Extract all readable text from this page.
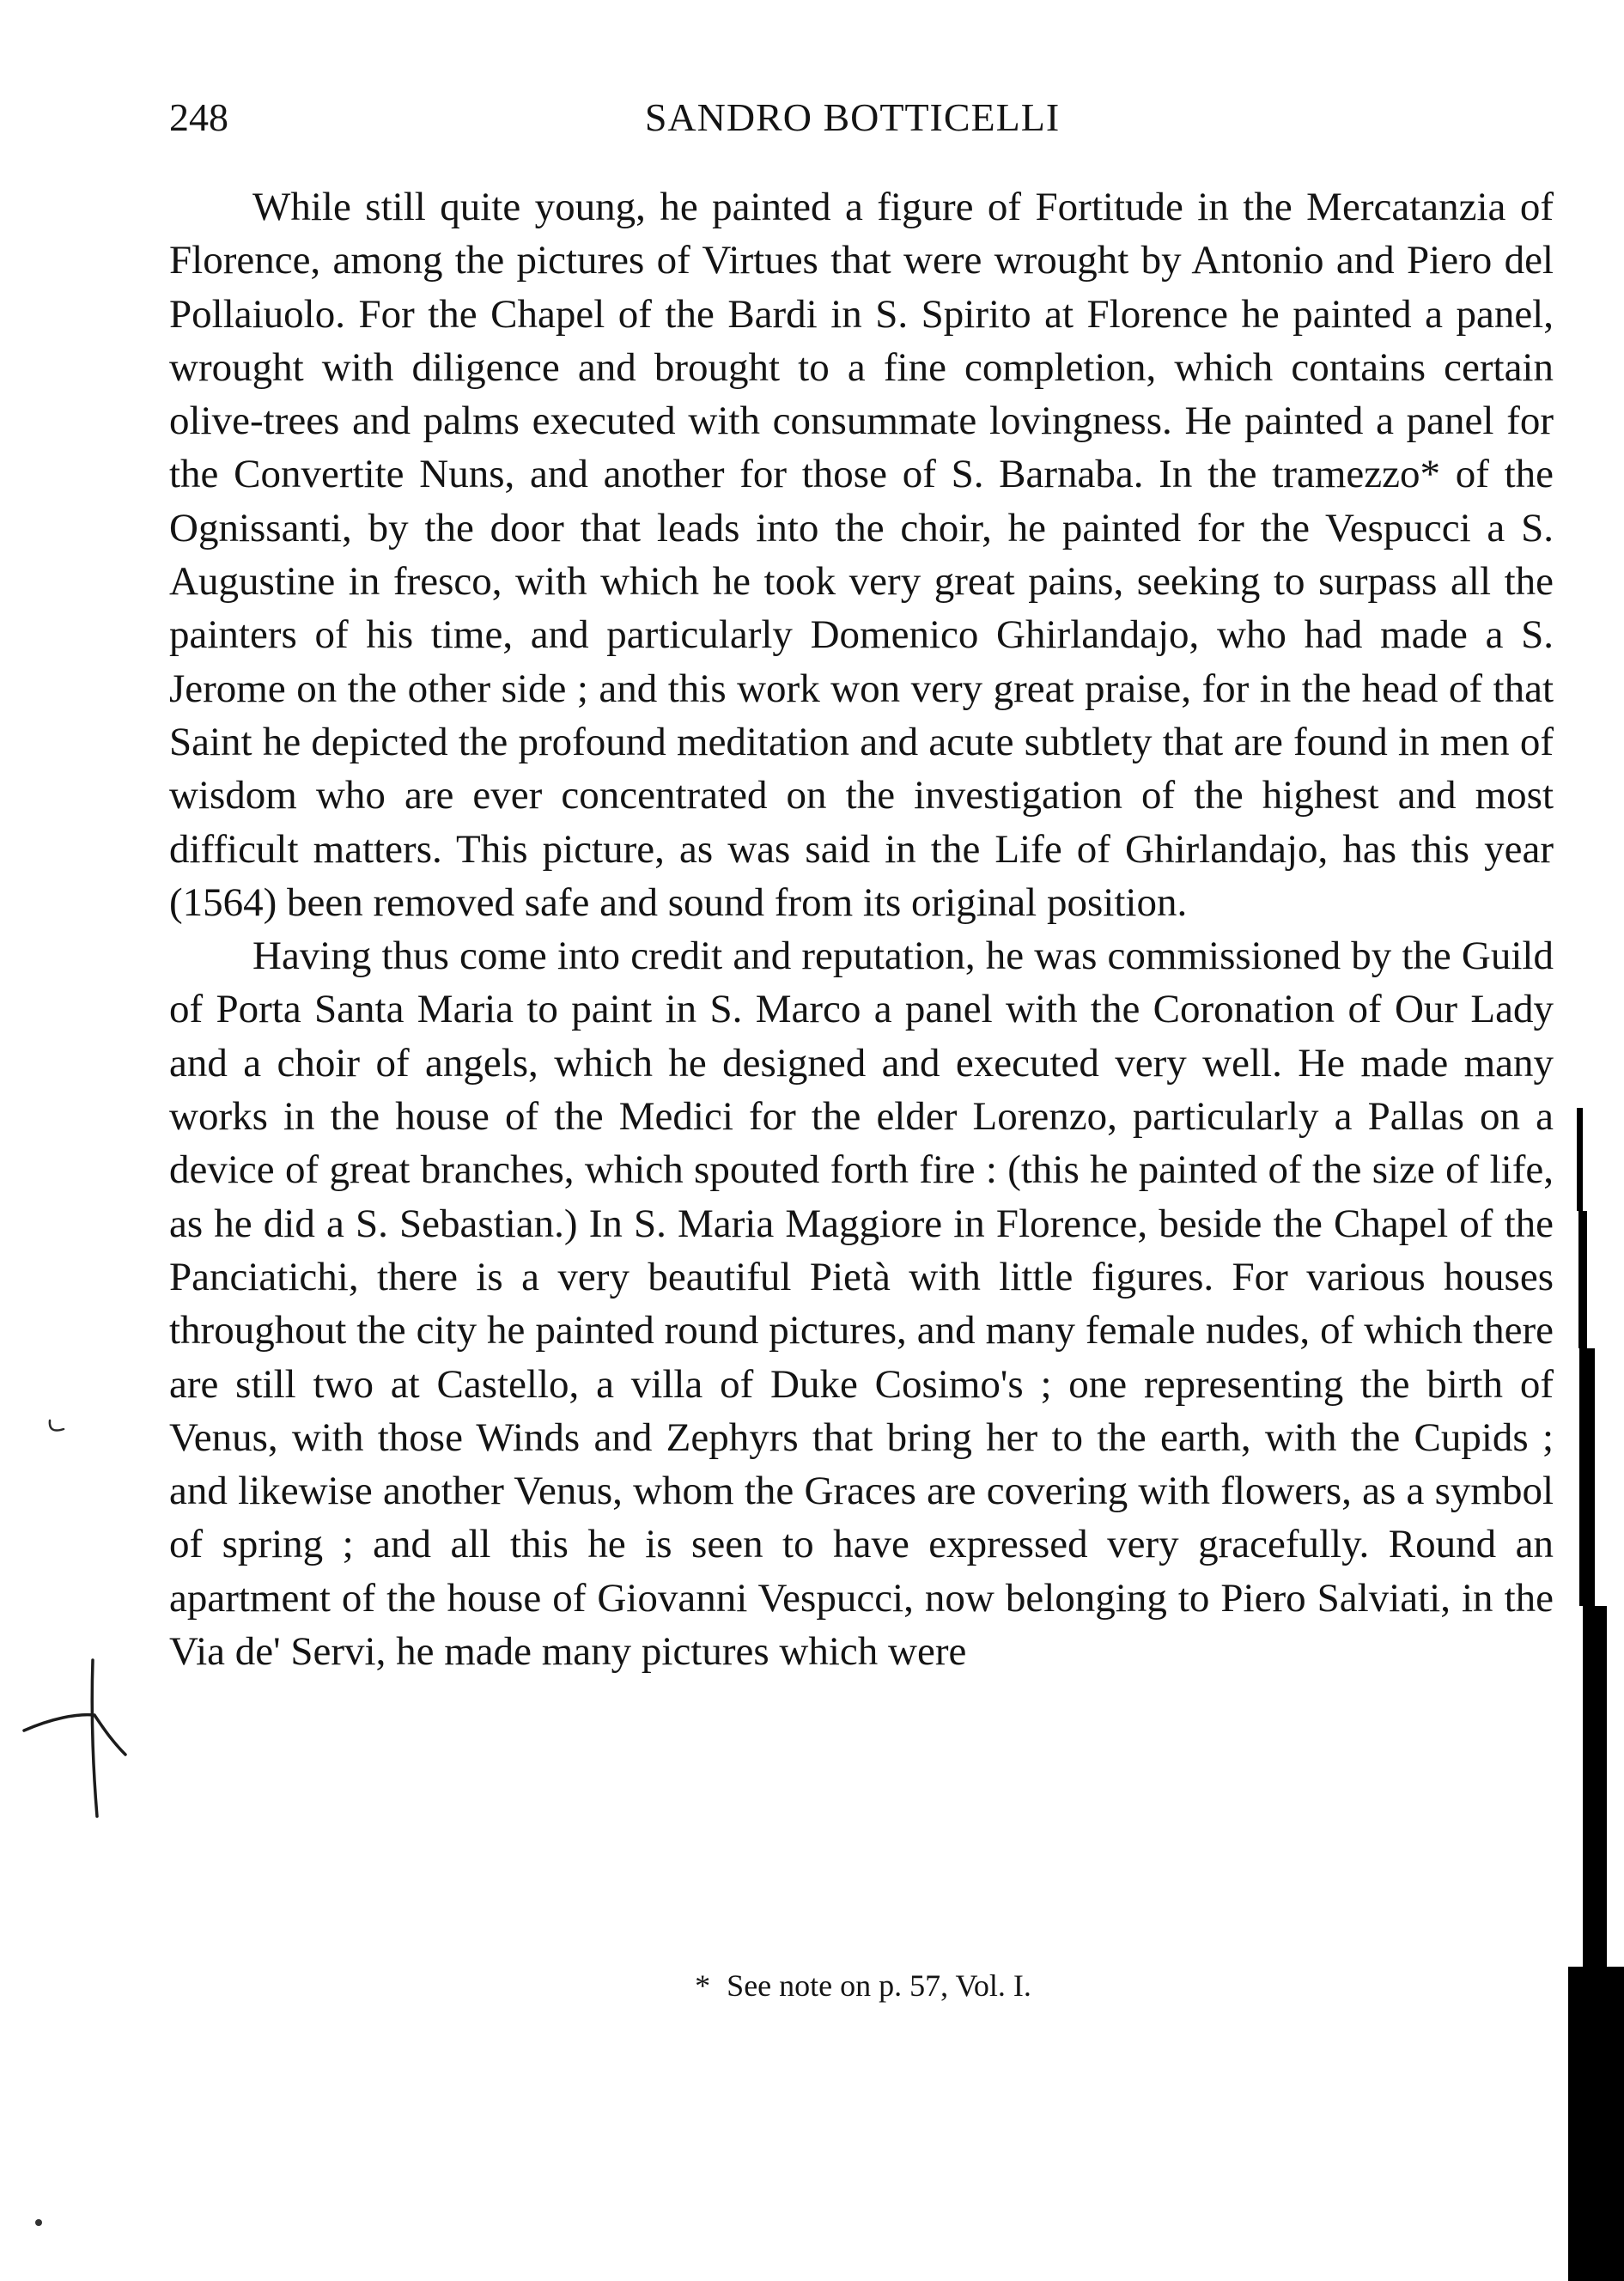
248	SANDRO BOTTICELLI

While still quite young, he painted a figure of Fortitude in the Mercatanzia of Florence, among the pictures of Virtues that were wrought by Antonio and Piero del Pollaiuolo. For the Chapel of the Bardi in S. Spirito at Florence he painted a panel, wrought with diligence and brought to a fine completion, which contains certain olive-trees and palms executed with consummate lovingness. He painted a panel for the Convertite Nuns, and another for those of S. Barnaba. In the tramezzo* of the Ognissanti, by the door that leads into the choir, he painted for the Vespucci a S. Augustine in fresco, with which he took very great pains, seeking to surpass all the painters of his time, and particularly Domenico Ghirlandajo, who had made a S. Jerome on the other side ; and this work won very great praise, for in the head of that Saint he depicted the profound meditation and acute subtlety that are found in men of wisdom who are ever concentrated on the investigation of the highest and most difficult matters. This picture, as was said in the Life of Ghirlandajo, has this year (1564) been removed safe and sound from its original position.

Having thus come into credit and reputation, he was commissioned by the Guild of Porta Santa Maria to paint in S. Marco a panel with the Coronation of Our Lady and a choir of angels, which he designed and executed very well. He made many works in the house of the Medici for the elder Lorenzo, particularly a Pallas on a device of great branches, which spouted forth fire : (this he painted of the size of life, as he did a S. Sebastian.) In S. Maria Maggiore in Florence, beside the Chapel of the Panciatichi, there is a very beautiful Pietà with little figures. For various houses throughout the city he painted round pictures, and many female nudes, of which there are still two at Castello, a villa of Duke Cosimo's ; one representing the birth of Venus, with those Winds and Zephyrs that bring her to the earth, with the Cupids ; and likewise another Venus, whom the Graces are covering with flowers, as a symbol of spring ; and all this he is seen to have expressed very gracefully. Round an apartment of the house of Giovanni Vespucci, now belonging to Piero Salviati, in the Via de' Servi, he made many pictures which were

* See note on p. 57, Vol. I.
